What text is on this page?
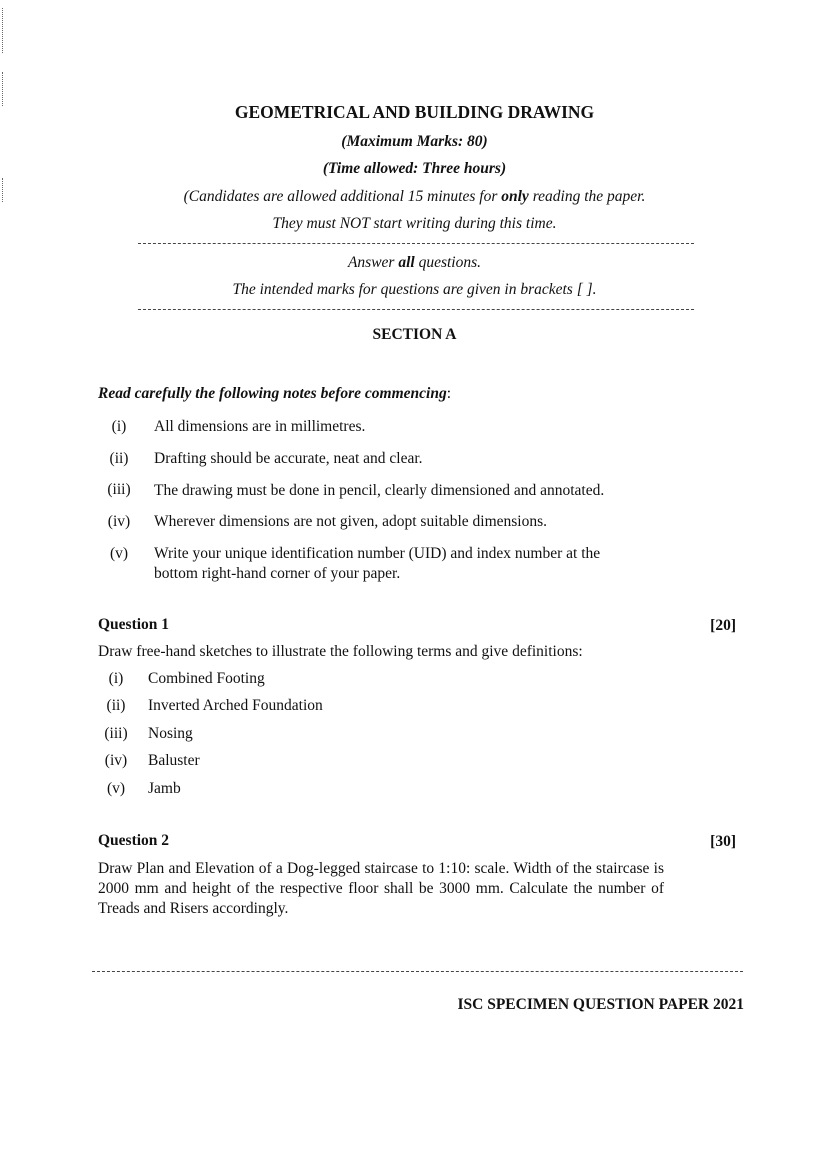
GEOMETRICAL AND BUILDING DRAWING
(Maximum Marks: 80)
(Time allowed: Three hours)
(Candidates are allowed additional 15 minutes for only reading the paper.
They must NOT start writing during this time.
Answer all questions.
The intended marks for questions are given in brackets [ ].
SECTION A
Read carefully the following notes before commencing:
(i)	All dimensions are in millimetres.
(ii)	Drafting should be accurate, neat and clear.
(iii)	The drawing must be done in pencil, clearly dimensioned and annotated.
(iv)	Wherever dimensions are not given, adopt suitable dimensions.
(v)	Write your unique identification number (UID) and index number at the
bottom right-hand corner of your paper.
Question 1	[20]
Draw free-hand sketches to illustrate the following terms and give definitions:
(i)	Combined Footing
(ii)	Inverted Arched Foundation
(iii)	Nosing
(iv)	Baluster
(v)	Jamb
Question 2	[30]
Draw Plan and Elevation of a Dog-legged staircase to 1:10: scale. Width of the staircase is 2000 mm and height of the respective floor shall be 3000 mm. Calculate the number of Treads and Risers accordingly.
ISC SPECIMEN QUESTION PAPER 2021
